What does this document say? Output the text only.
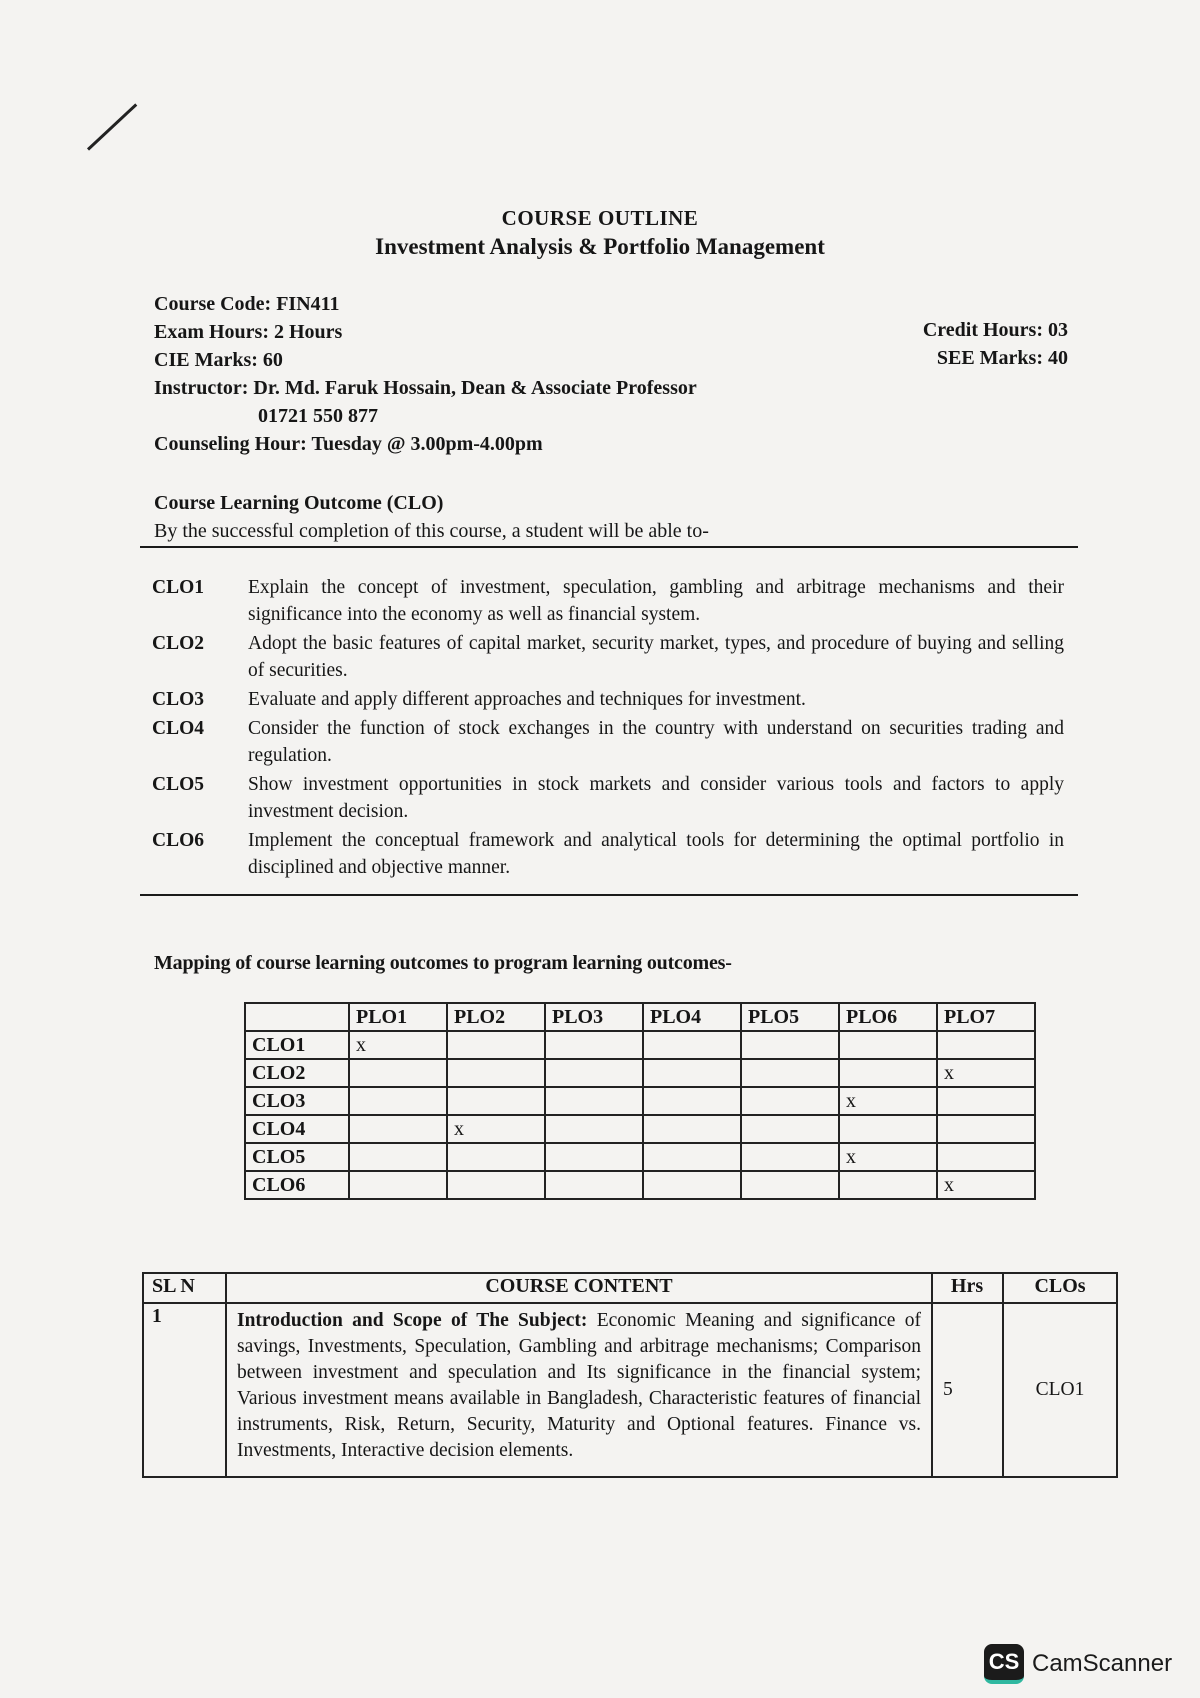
COURSE OUTLINE
Investment Analysis & Portfolio Management
Course Code: FIN411
Exam Hours: 2 Hours
CIE Marks: 60
Instructor: Dr. Md. Faruk Hossain, Dean & Associate Professor
01721 550 877
Counseling Hour: Tuesday @ 3.00pm-4.00pm
Credit Hours: 03
SEE Marks: 40
Course Learning Outcome (CLO)
By the successful completion of this course, a student will be able to-
CLO1	Explain the concept of investment, speculation, gambling and arbitrage mechanisms and their significance into the economy as well as financial system.
CLO2	Adopt the basic features of capital market, security market, types, and procedure of buying and selling of securities.
CLO3	Evaluate and apply different approaches and techniques for investment.
CLO4	Consider the function of stock exchanges in the country with understand on securities trading and regulation.
CLO5	Show investment opportunities in stock markets and consider various tools and factors to apply investment decision.
CLO6	Implement the conceptual framework and analytical tools for determining the optimal portfolio in disciplined and objective manner.
Mapping of course learning outcomes to program learning outcomes-
	PLO1	PLO2	PLO3	PLO4	PLO5	PLO6	PLO7
CLO1	x						
CLO2							x
CLO3						x	
CLO4		x					
CLO5						x	
CLO6							x
SL N	COURSE CONTENT	Hrs	CLOs
1	Introduction and Scope of The Subject: Economic Meaning and significance of savings, Investments, Speculation, Gambling and arbitrage mechanisms; Comparison between investment and speculation and Its significance in the financial system; Various investment means available in Bangladesh, Characteristic features of financial instruments, Risk, Return, Security, Maturity and Optional features. Finance vs. Investments, Interactive decision elements.	5	CLO1
CS CamScanner
